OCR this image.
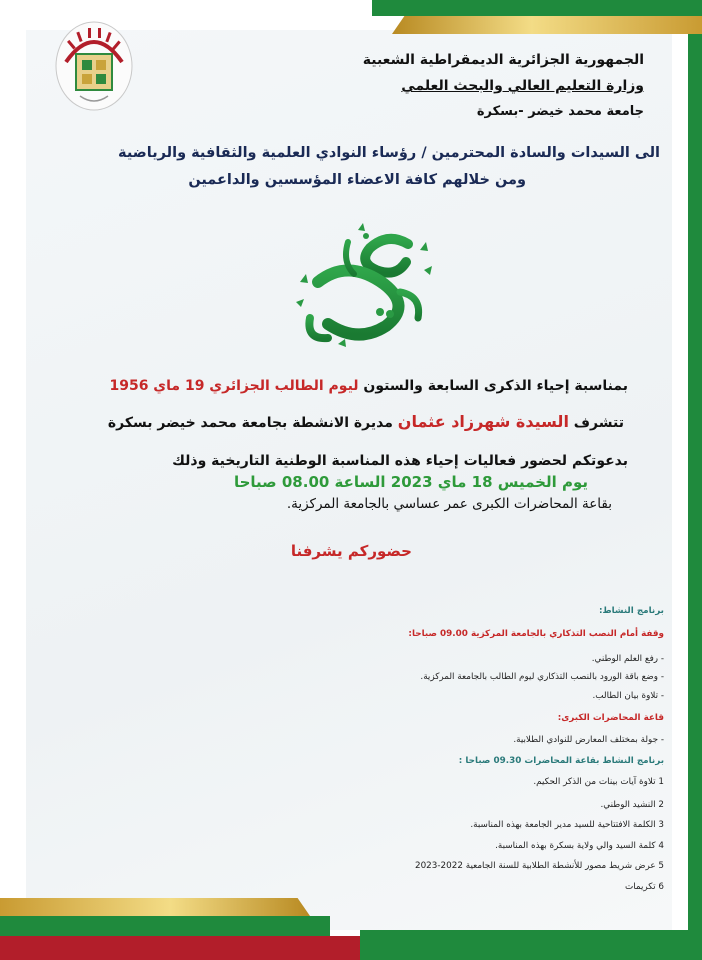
الجمهورية الجزائرية الديمقراطية الشعبية
وزارة التعليم العالي والبحث العلمي
جامعة محمد خيضر -بسكرة
الى السيدات والسادة المحترمين / رؤساء النوادي العلمية والثقافية والرياضية
ومن خلالهم كافة الاعضاء المؤسسين والداعمين
بمناسبة إحياء الذكرى السابعة والستون ليوم الطالب الجزائري 19 ماي 1956
تتشرف السيدة شهرزاد عثمان مديرة الانشطة بجامعة محمد خيضر بسكرة
بدعوتكم لحضور فعاليات إحياء هذه المناسبة الوطنية التاريخية وذلك
يوم الخميس 18 ماي 2023 الساعة 08.00 صباحا
بقاعة المحاضرات الكبرى عمر عساسي بالجامعة المركزية.
حضوركم يشرفنا
برنامج النشاط:
وقفة أمام النصب التذكاري بالجامعة المركزية 09.00 صباحا:
- رفع العلم الوطني.
- وضع باقة الورود بالنصب التذكاري ليوم الطالب بالجامعة المركزية.
- تلاوة بيان الطالب.
قاعة المحاضرات الكبرى:
- جولة بمختلف المعارض للنوادي الطلابية.
برنامج النشاط بقاعة المحاضرات 09.30 صباحا :
1 تلاوة آيات بينات من الذكر الحكيم.
2 النشيد الوطني.
3 الكلمة الافتتاحية للسيد مدير الجامعة بهذه المناسبة.
4 كلمة السيد والي ولاية بسكرة بهذه المناسبة.
5 عرض شريط مصور للأنشطة الطلابية للسنة الجامعية 2022-2023
6 تكريمات
